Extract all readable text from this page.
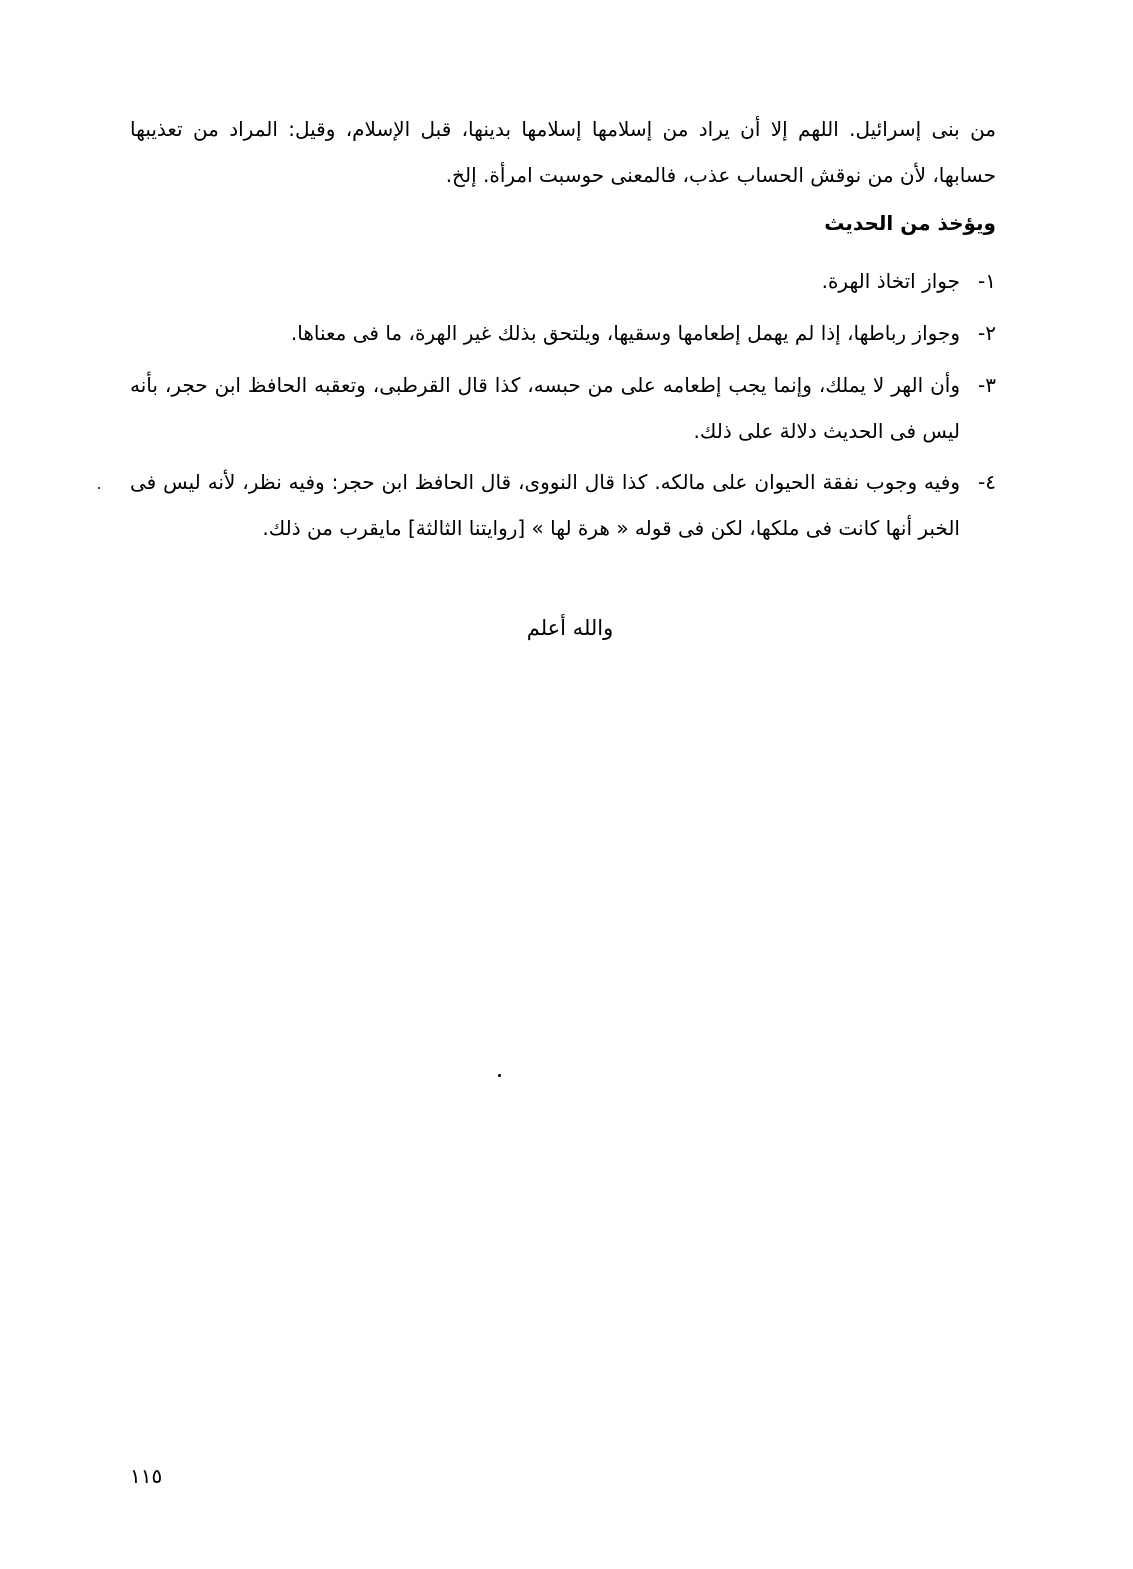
من بنى إسرائيل. اللهم إلا أن يراد من إسلامها إسلامها بدينها، قبل الإسلام، وقيل: المراد من تعذيبها حسابها، لأن من نوقش الحساب عذب، فالمعنى حوسبت امرأة. إلخ.
ويؤخذ من الحديث
١-
جواز اتخاذ الهرة.
٢-
وجواز رباطها، إذا لم يهمل إطعامها وسقيها، ويلتحق بذلك غير الهرة، ما فى معناها.
٣-
وأن الهر لا يملك، وإنما يجب إطعامه على من حبسه، كذا قال القرطبى، وتعقبه الحافظ ابن حجر، بأنه ليس فى الحديث دلالة على ذلك.
٤-
وفيه وجوب نفقة الحيوان على مالكه. كذا قال النووى، قال الحافظ ابن حجر: وفيه نظر، لأنه ليس فى الخبر أنها كانت فى ملكها، لكن فى قوله « هرة لها » [روايتنا الثالثة] مايقرب من ذلك.
والله أعلم
١١٥
